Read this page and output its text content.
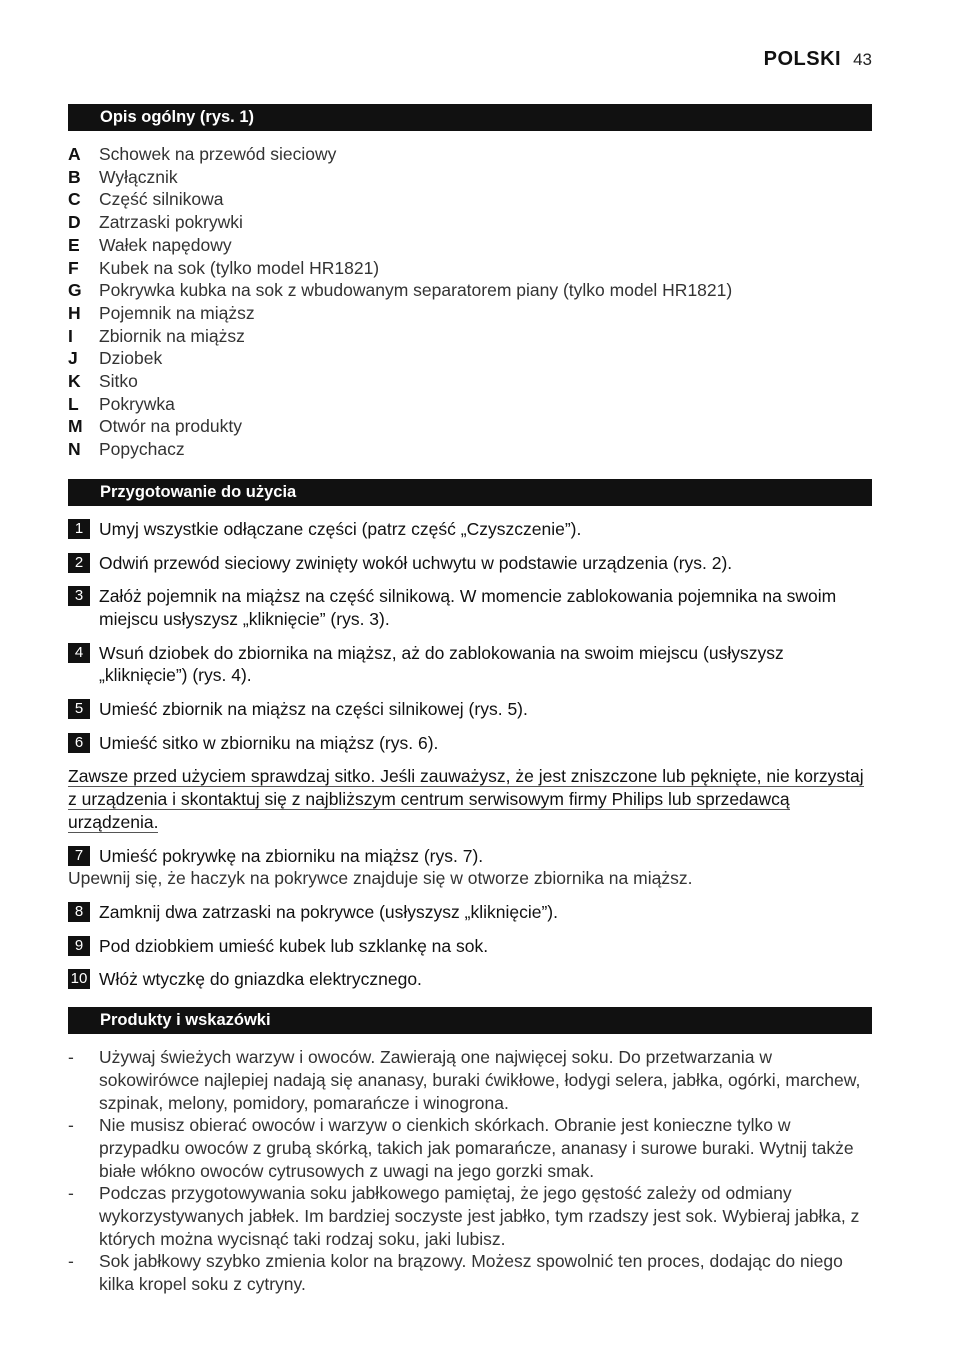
POLSKI 43
Opis ogólny (rys. 1)
A	Schowek na przewód sieciowy
B	Wyłącznik
C	Część silnikowa
D	Zatrzaski pokrywki
E	Wałek napędowy
F	Kubek na sok (tylko model HR1821)
G Pokrywka kubka na sok z wbudowanym separatorem piany (tylko model HR1821)
H	Pojemnik na miąższ
I	Zbiornik na miąższ
J	Dziobek
K	Sitko
L	Pokrywka
M Otwór na produkty
N	Popychacz
Przygotowanie do użycia
1 Umyj wszystkie odłączane części (patrz część „Czyszczenie”).
2 Odwiń przewód sieciowy zwinięty wokół uchwytu w podstawie urządzenia (rys. 2).
3 Załóż pojemnik na miąższ na część silnikową. W momencie zablokowania pojemnika na swoim miejscu usłyszysz „kliknięcie” (rys. 3).
4 Wsuń dziobek do zbiornika na miąższ, aż do zablokowania na swoim miejscu (usłyszysz „kliknięcie”) (rys. 4).
5 Umieść zbiornik na miąższ na części silnikowej (rys. 5).
6 Umieść sitko w zbiorniku na miąższ (rys. 6).
Zawsze przed użyciem sprawdzaj sitko. Jeśli zauważysz, że jest zniszczone lub pęknięte, nie korzystaj z urządzenia i skontaktuj się z najbliższym centrum serwisowym firmy Philips lub sprzedawcą urządzenia.
7 Umieść pokrywkę na zbiorniku na miąższ (rys. 7).
Upewnij się, że haczyk na pokrywce znajduje się w otworze zbiornika na miąższ.
8 Zamknij dwa zatrzaski na pokrywce (usłyszysz „kliknięcie”).
9 Pod dziobkiem umieść kubek lub szklankę na sok.
10 Włóż wtyczkę do gniazdka elektrycznego.
Produkty i wskazówki
-	Używaj świeżych warzyw i owoców. Zawierają one najwięcej soku. Do przetwarzania w sokowirówce najlepiej nadają się ananasy, buraki ćwikłowe, łodygi selera, jabłka, ogórki, marchew, szpinak, melony, pomidory, pomarańcze i winogrona.
-	Nie musisz obierać owoców i warzyw o cienkich skórkach. Obranie jest konieczne tylko w przypadku owoców z grubą skórką, takich jak pomarańcze, ananasy i surowe buraki. Wytnij także białe włókno owoców cytrusowych z uwagi na jego gorzki smak.
-	Podczas przygotowywania soku jabłkowego pamiętaj, że jego gęstość zależy od odmiany wykorzystywanych jabłek. Im bardziej soczyste jest jabłko, tym rzadszy jest sok. Wybieraj jabłka, z których można wycisnąć taki rodzaj soku, jaki lubisz.
-	Sok jabłkowy szybko zmienia kolor na brązowy. Możesz spowolnić ten proces, dodając do niego kilka kropel soku z cytryny.
